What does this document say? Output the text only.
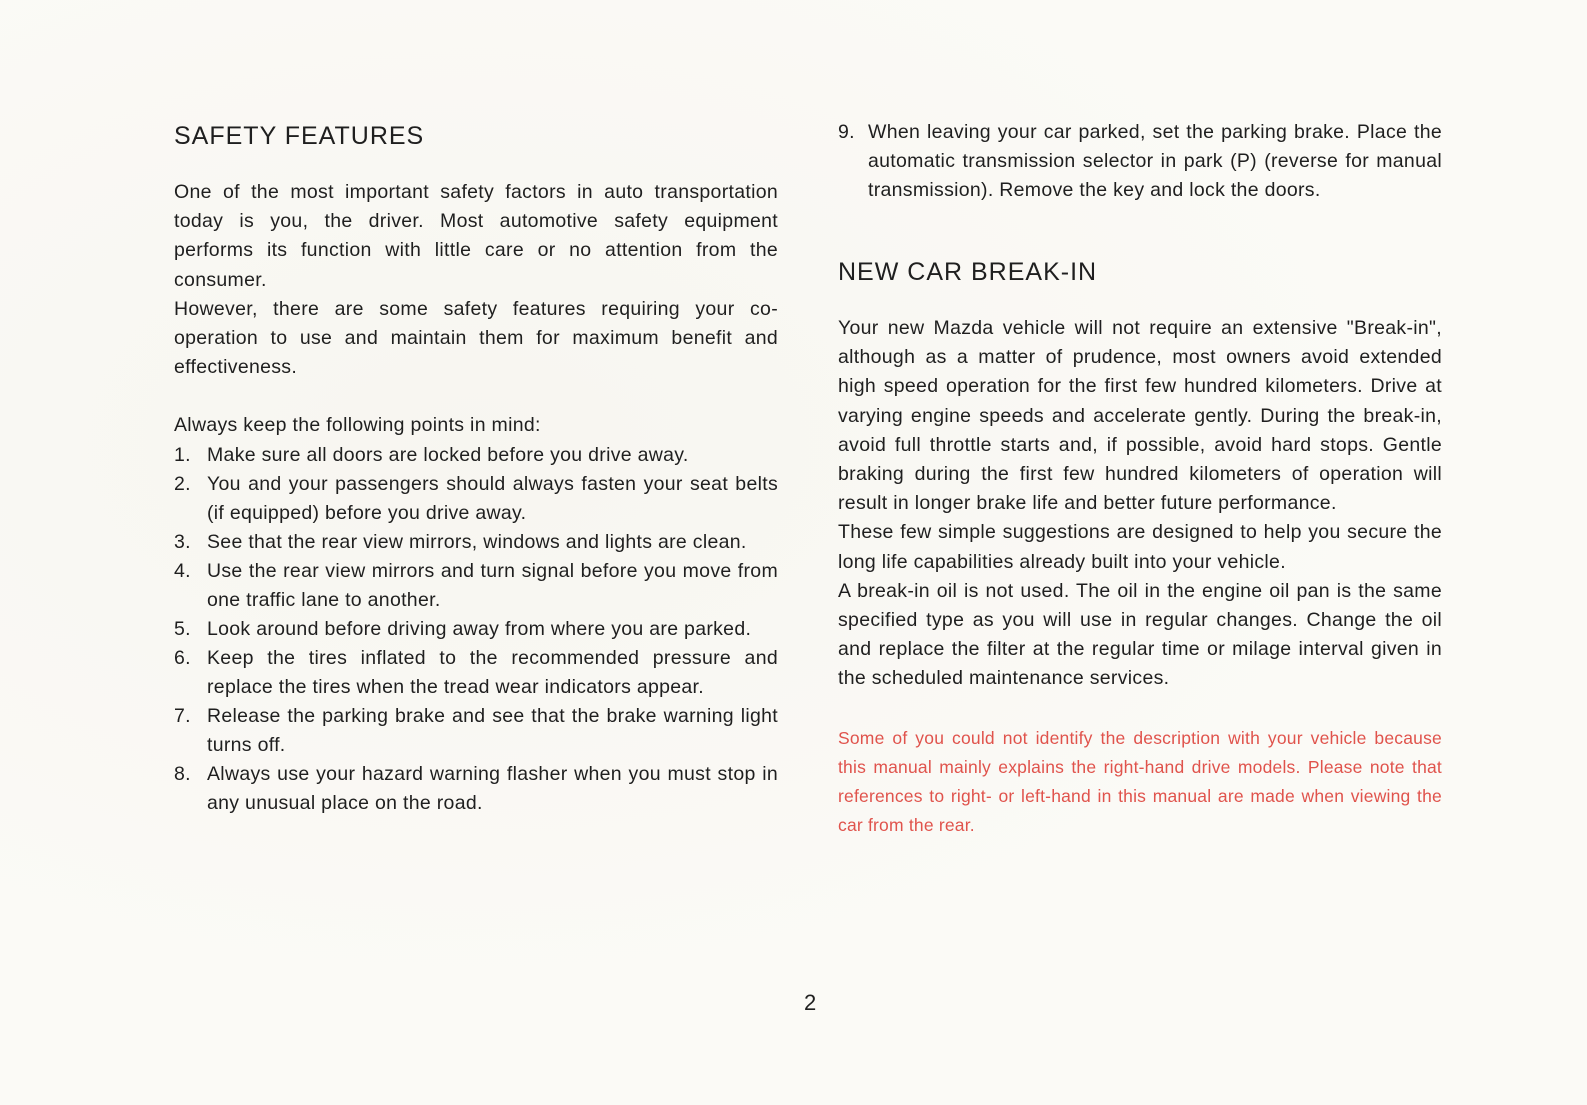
SAFETY FEATURES

One of the most important safety factors in auto transportation today is you, the driver. Most automotive safety equipment performs its function with little care or no attention from the consumer.

However, there are some safety features requiring your co-operation to use and maintain them for maximum benefit and effectiveness.

Always keep the following points in mind:

1. Make sure all doors are locked before you drive away.
2. You and your passengers should always fasten your seat belts (if equipped) before you drive away.
3. See that the rear view mirrors, windows and lights are clean.
4. Use the rear view mirrors and turn signal before you move from one traffic lane to another.
5. Look around before driving away from where you are parked.
6. Keep the tires inflated to the recommended pressure and replace the tires when the tread wear indicators appear.
7. Release the parking brake and see that the brake warning light turns off.
8. Always use your hazard warning flasher when you must stop in any unusual place on the road.
9. When leaving your car parked, set the parking brake. Place the automatic transmission selector in park (P) (reverse for manual transmission). Remove the key and lock the doors.
NEW CAR BREAK-IN

Your new Mazda vehicle will not require an extensive "Break-in", although as a matter of prudence, most owners avoid extended high speed operation for the first few hundred kilometers. Drive at varying engine speeds and accelerate gently. During the break-in, avoid full throttle starts and, if possible, avoid hard stops. Gentle braking during the first few hundred kilometers of operation will result in longer brake life and better future performance.

These few simple suggestions are designed to help you secure the long life capabilities already built into your vehicle.

A break-in oil is not used. The oil in the engine oil pan is the same specified type as you will use in regular changes. Change the oil and replace the filter at the regular time or milage interval given in the scheduled maintenance services.

Some of you could not identify the description with your vehicle because this manual mainly explains the right-hand drive models. Please note that references to right- or left-hand in this manual are made when viewing the car from the rear.

2
